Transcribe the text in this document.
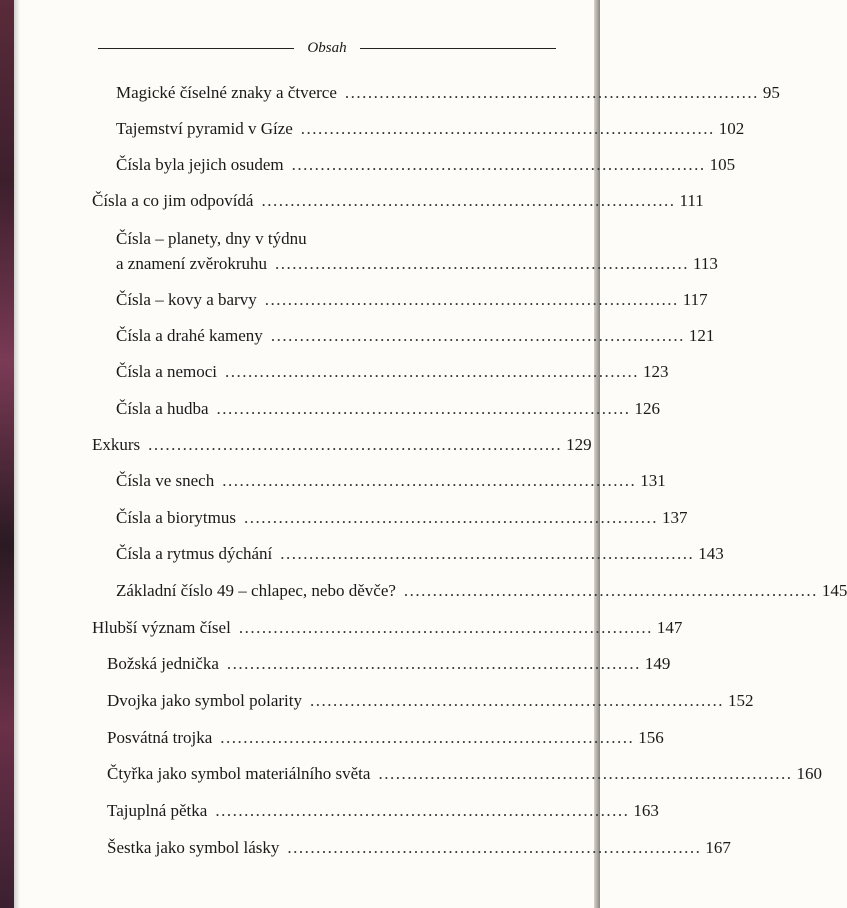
Obsah
Magické číselné znaky a čtverce ........................................................................ 95
Tajemství pyramid v Gíze ........................................................................ 102
Čísla byla jejich osudem ........................................................................ 105
Čísla a co jim odpovídá ........................................................................ 111
Čísla – planety, dny v týdnu
a znamení zvěrokruhu ........................................................................ 113
Čísla – kovy a barvy ........................................................................ 117
Čísla a drahé kameny ........................................................................ 121
Čísla a nemoci ........................................................................ 123
Čísla a hudba ........................................................................ 126
Exkurs ........................................................................ 129
Čísla ve snech ........................................................................ 131
Čísla a biorytmus ........................................................................ 137
Čísla a rytmus dýchání ........................................................................ 143
Základní číslo 49 – chlapec, nebo děvče? ........................................................................ 145
Hlubší význam čísel ........................................................................ 147
Božská jednička ........................................................................ 149
Dvojka jako symbol polarity ........................................................................ 152
Posvátná trojka ........................................................................ 156
Čtyřka jako symbol materiálního světa ........................................................................ 160
Tajuplná pětka ........................................................................ 163
Šestka jako symbol lásky ........................................................................ 167
